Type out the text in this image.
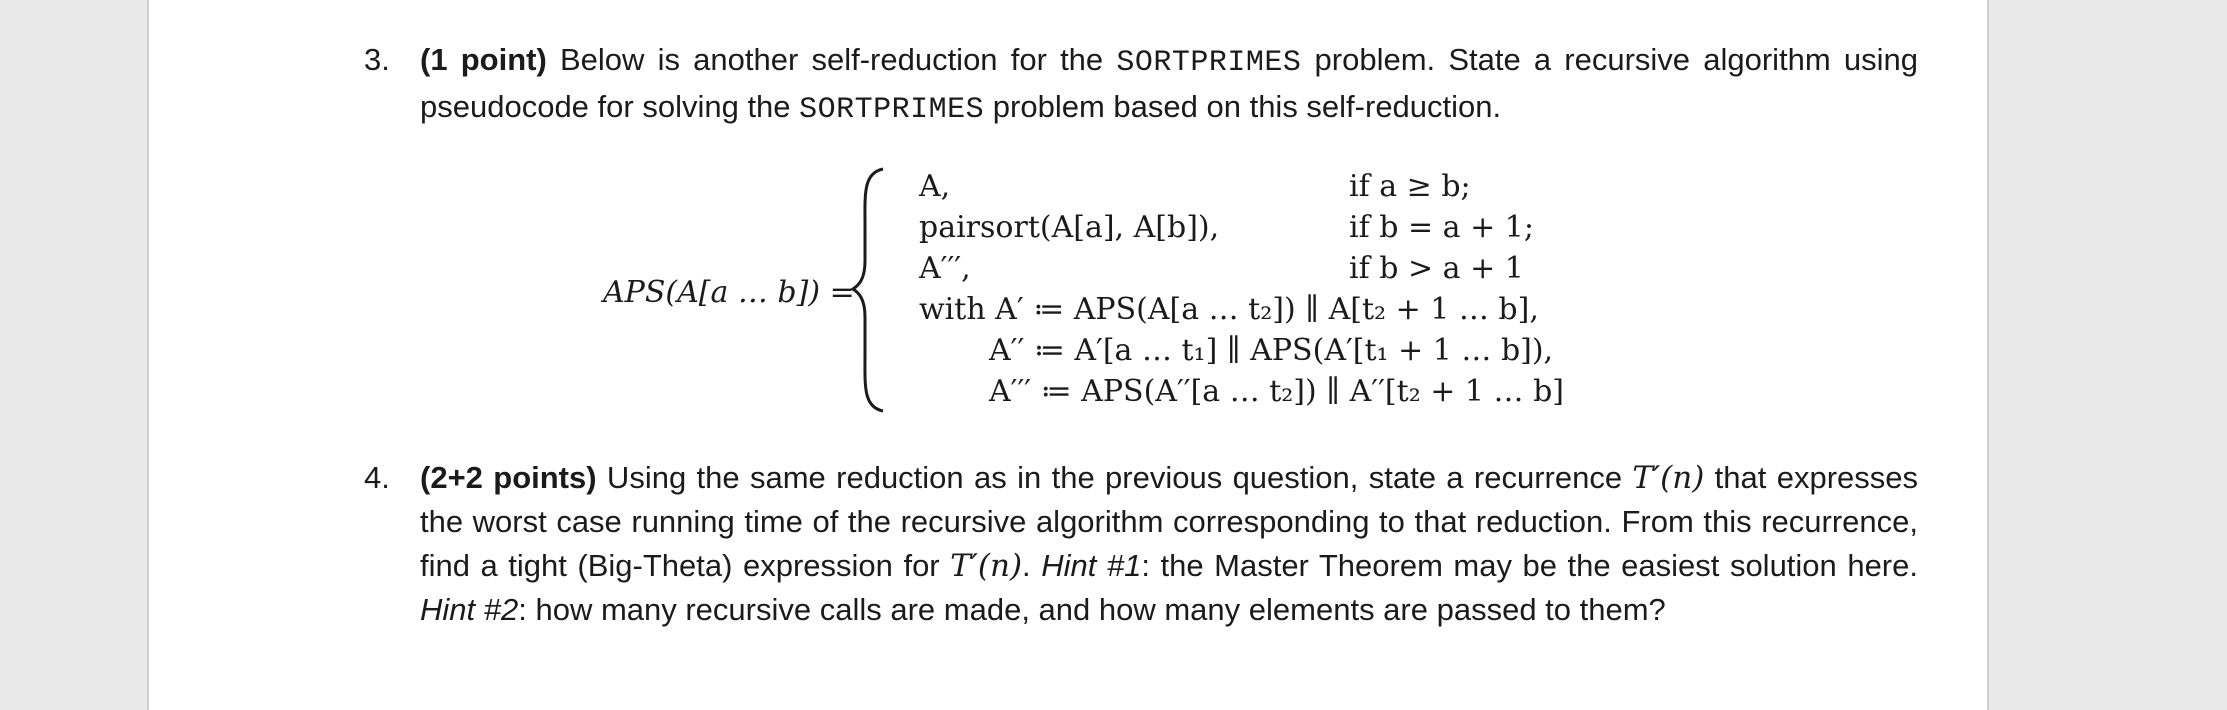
3. (1 point) Below is another self-reduction for the SORTPRIMES problem. State a recursive algorithm using pseudocode for solving the SORTPRIMES problem based on this self-reduction.
APS(A[a … b]) =
A,	if a ≥ b;
pairsort(A[a], A[b]),	if b = a + 1;
A′′′,	if b > a + 1
with A′ ≔ APS(A[a … t₂]) ∥ A[t₂ + 1 … b],
A′′ ≔ A′[a … t₁] ∥ APS(A′[t₁ + 1 … b]),
A′′′ ≔ APS(A′′[a … t₂]) ∥ A′′[t₂ + 1 … b]
4. (2+2 points) Using the same reduction as in the previous question, state a recurrence T′(n) that expresses the worst case running time of the recursive algorithm corresponding to that reduction. From this recurrence, find a tight (Big-Theta) expression for T′(n). Hint #1: the Master Theorem may be the easiest solution here. Hint #2: how many recursive calls are made, and how many elements are passed to them?
